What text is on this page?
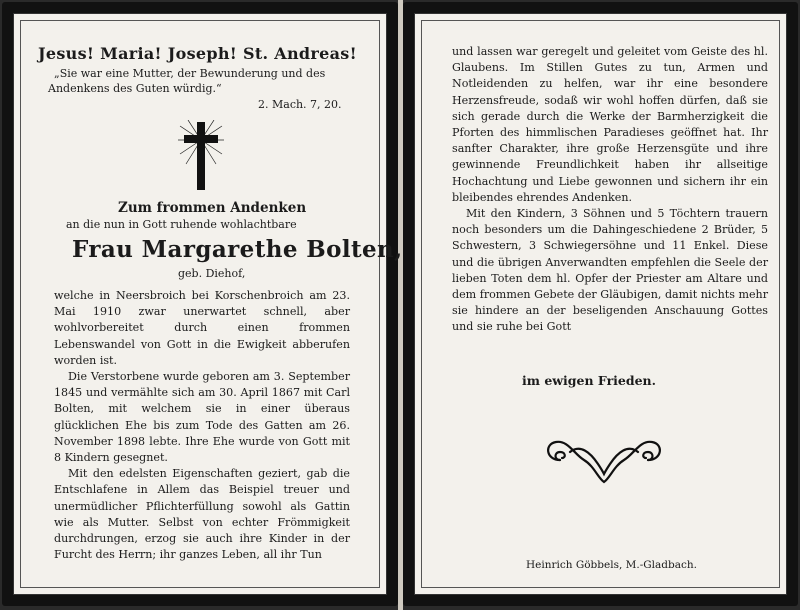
Jesus! Maria! Joseph! St. Andreas!
„Sie war eine Mutter, der Bewunderung und des Andenkens des Guten würdig.“
2. Mach. 7, 20.
Zum frommen Andenken
an die nun in Gott ruhende wohlachtbare
Frau Margarethe Bolten,
geb. Diehof,

welche in Neersbroich bei Korschenbroich am 23. Mai 1910 zwar unerwartet schnell, aber wohlvorbereitet durch einen frommen Lebenswandel von Gott in die Ewigkeit abberufen worden ist.

Die Verstorbene wurde geboren am 3. September 1845 und vermählte sich am 30. April 1867 mit Carl Bolten, mit welchem sie in einer überaus glücklichen Ehe bis zum Tode des Gatten am 26. November 1898 lebte. Ihre Ehe wurde von Gott mit 8 Kindern gesegnet.

Mit den edelsten Eigenschaften geziert, gab die Entschlafene in Allem das Beispiel treuer und unermüdlicher Pflichterfüllung sowohl als Gattin wie als Mutter. Selbst von echter Frömmigkeit durchdrungen, erzog sie auch ihre Kinder in der Furcht des Herrn; ihr ganzes Leben, all ihr Tun

und lassen war geregelt und geleitet vom Geiste des hl. Glaubens. Im Stillen Gutes zu tun, Armen und Notleidenden zu helfen, war ihr eine besondere Herzensfreude, sodaß wir wohl hoffen dürfen, daß sie sich gerade durch die Werke der Barmherzigkeit die Pforten des himmlischen Paradieses geöffnet hat. Ihr sanfter Charakter, ihre große Herzensgüte und ihre gewinnende Freundlichkeit haben ihr allseitige Hochachtung und Liebe gewonnen und sichern ihr ein bleibendes ehrendes Andenken.

Mit den Kindern, 3 Söhnen und 5 Töchtern trauern noch besonders um die Dahingeschiedene 2 Brüder, 5 Schwestern, 3 Schwiegersöhne und 11 Enkel. Diese und die übrigen Anverwandten empfehlen die Seele der lieben Toten dem hl. Opfer der Priester am Altare und dem frommen Gebete der Gläubigen, damit nichts mehr sie hindere an der beseligenden Anschauung Gottes und sie ruhe bei Gott

im ewigen Frieden.
Heinrich Göbbels, M.-Gladbach.
